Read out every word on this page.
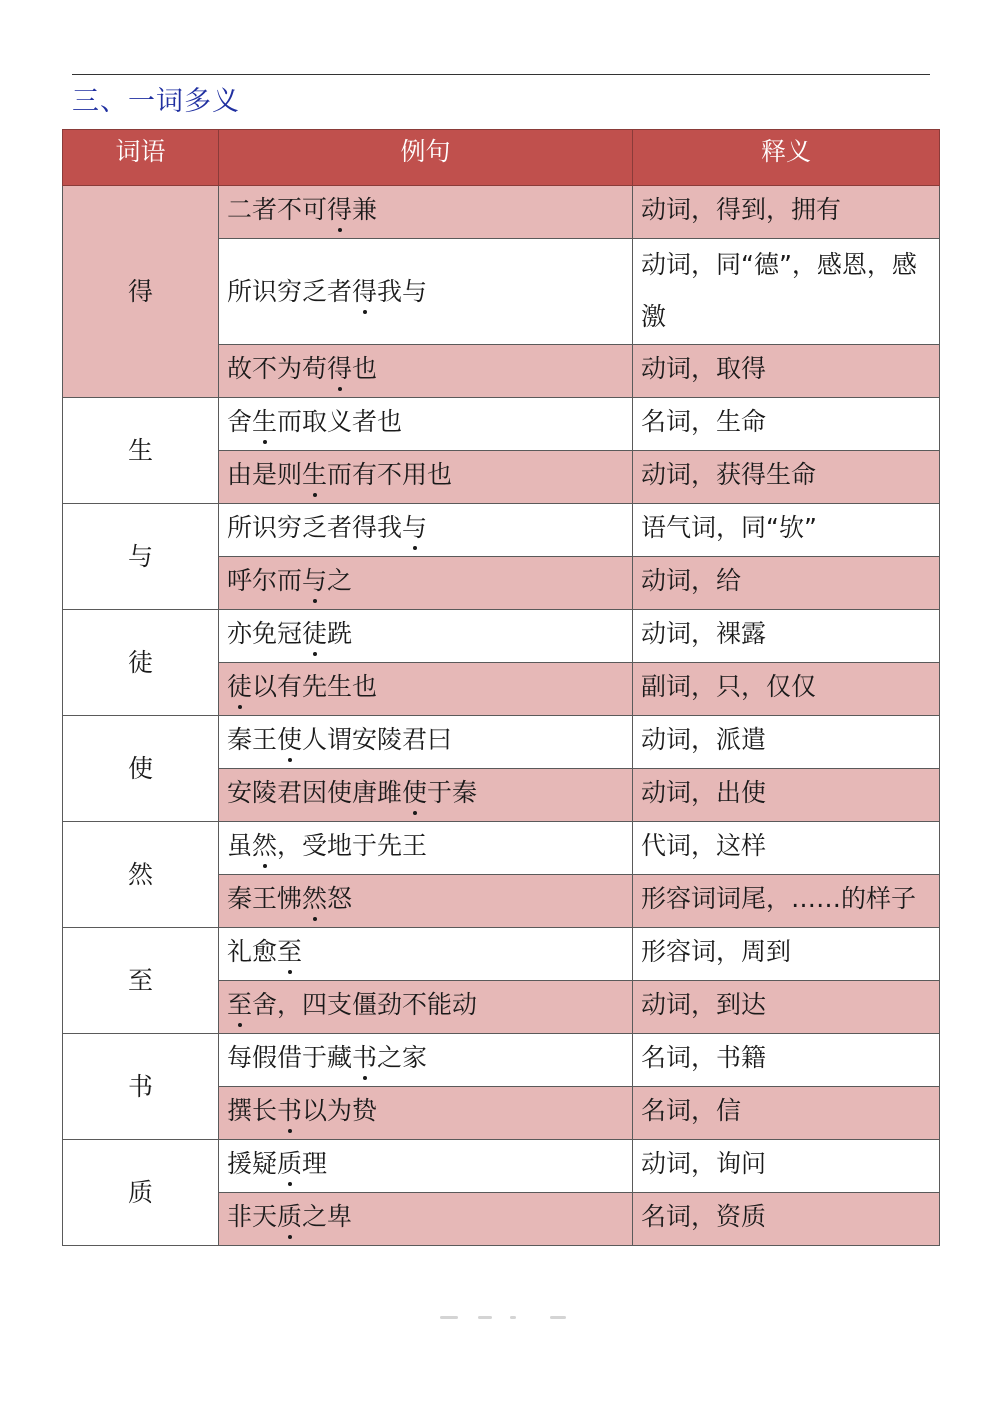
三、一词多义
词语	例句	释义
得	二者不可得兼	动词，得到，拥有
	所识穷乏者得我与	动词，同“德”，感恩，感激
	故不为苟得也	动词，取得
生	舍生而取义者也	名词，生命
	由是则生而有不用也	动词，获得生命
与	所识穷乏者得我与	语气词，同“欤”
	呼尔而与之	动词，给
徒	亦免冠徒跣	动词，裸露
	徒以有先生也	副词，只，仅仅
使	秦王使人谓安陵君曰	动词，派遣
	安陵君因使唐雎使于秦	动词，出使
然	虽然，受地于先王	代词，这样
	秦王怫然怒	形容词词尾，……的样子
至	礼愈至	形容词，周到
	至舍，四支僵劲不能动	动词，到达
书	每假借于藏书之家	名词，书籍
	撰长书以为贽	名词，信
质	援疑质理	动词，询问
	非天质之卑	名词，资质
